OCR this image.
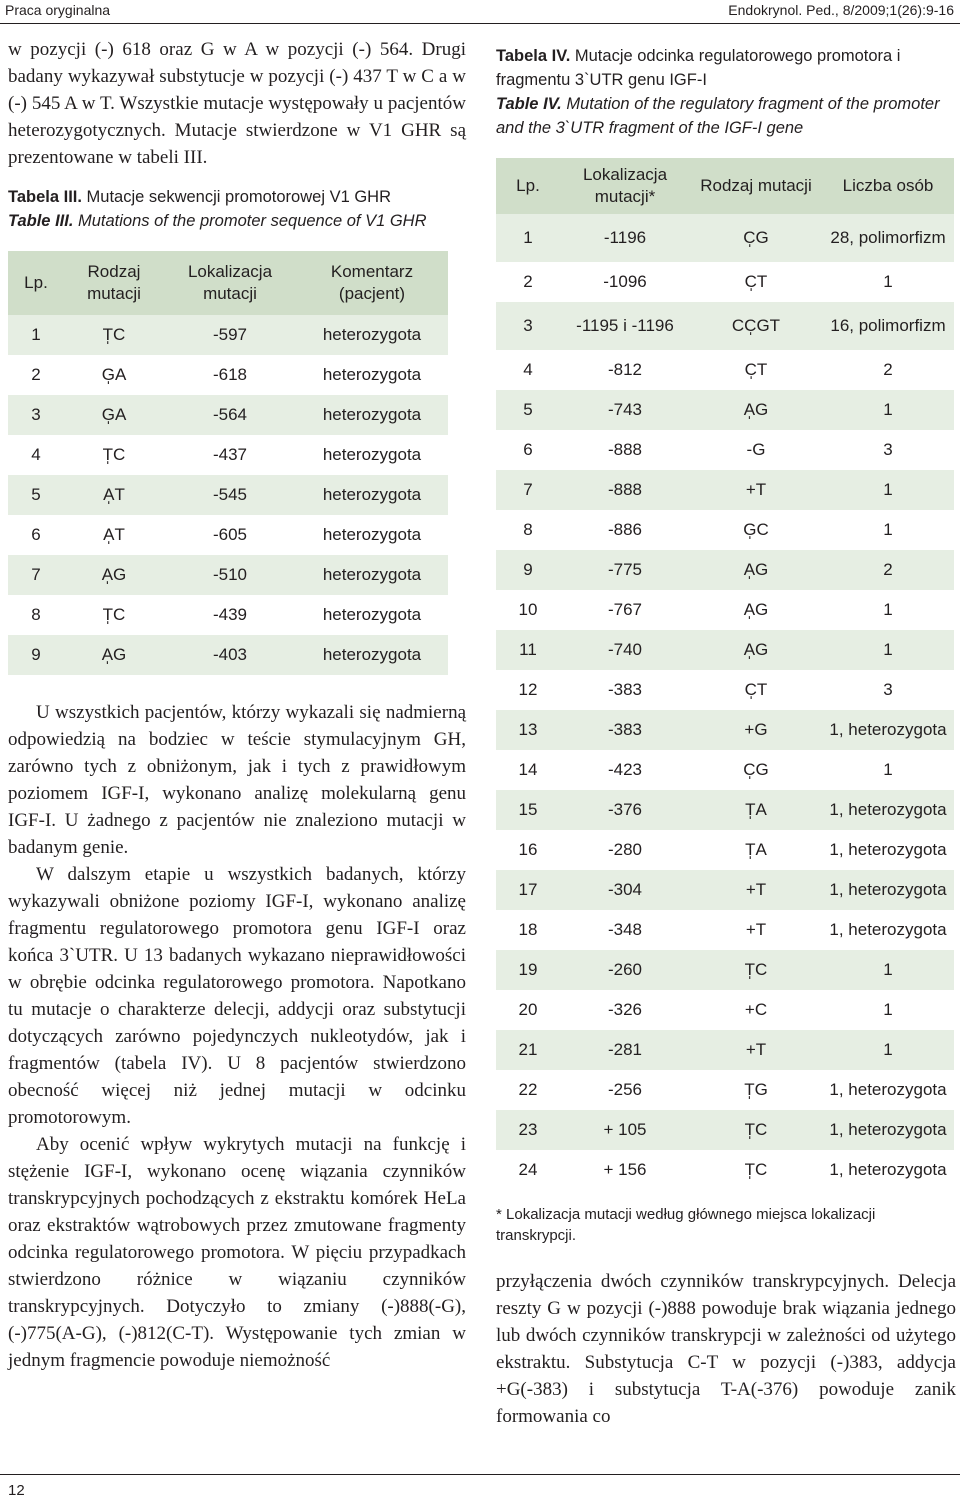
Praca oryginalna	Endokrynol. Ped., 8/2009;1(26):9-16

w pozycji (-) 618 oraz G w A w pozycji (-) 564. Drugi badany wykazywał substytucje w pozycji (-) 437 T w C a w (-) 545 A w T. Wszystkie mutacje występowały u pacjentów heterozygotycznych. Mutacje stwierdzone w V1 GHR są prezentowane w tabeli III.

Tabela III. Mutacje sekwencji promotorowej V1 GHR
Table III. Mutations of the promoter sequence of V1 GHR
Lp.	Rodzaj mutacji	Lokalizacja mutacji	Komentarz (pacjent)
1	T̩C	-597	heterozygota
2	G̩A	-618	heterozygota
3	G̩A	-564	heterozygota
4	T̩C	-437	heterozygota
5	A̩T	-545	heterozygota
6	A̩T	-605	heterozygota
7	A̩G	-510	heterozygota
8	T̩C	-439	heterozygota
9	A̩G	-403	heterozygota

U wszystkich pacjentów, którzy wykazali się nadmierną odpowiedzią na bodziec w teście stymulacyjnym GH, zarówno tych z obniżonym, jak i tych z prawidłowym poziomem IGF-I, wykonano analizę molekularną genu IGF-I. U żadnego z pacjentów nie znaleziono mutacji w badanym genie.

W dalszym etapie u wszystkich badanych, którzy wykazywali obniżone poziomy IGF-I, wykonano analizę fragmentu regulatorowego promotora genu IGF-I oraz końca 3`UTR. U 13 badanych wykazano nieprawidłowości w obrębie odcinka regulatorowego promotora. Napotkano tu mutacje o charakterze delecji, addycji oraz substytucji dotyczących zarówno pojedynczych nukleotydów, jak i fragmentów (tabela IV). U 8 pacjentów stwierdzono obecność więcej niż jednej mutacji w odcinku promotorowym.

Aby ocenić wpływ wykrytych mutacji na funkcję i stężenie IGF-I, wykonano ocenę wiązania czynników transkrypcyjnych pochodzących z ekstraktu komórek HeLa oraz ekstraktów wątrobowych przez zmutowane fragmenty odcinka regulatorowego promotora. W pięciu przypadkach stwierdzono różnice w wiązaniu czynników transkrypcyjnych. Dotyczyło to zmiany (-)888(-G), (-)775(A-G), (-)812(C-T). Występowanie tych zmian w jednym fragmencie powoduje niemożność

Tabela IV. Mutacje odcinka regulatorowego promotora i fragmentu 3`UTR genu IGF-I
Table IV. Mutation of the regulatory fragment of the promoter and the 3`UTR fragment of the IGF-I gene
Lp.	Lokalizacja mutacji*	Rodzaj mutacji	Liczba osób
1	-1196	C̩G	28, polimorfizm
2	-1096	C̩T	1
3	-1195 i -1196	CC̩GT	16, polimorfizm
4	-812	C̩T	2
5	-743	A̩G	1
6	-888	-G	3
7	-888	+T	1
8	-886	G̩C	1
9	-775	A̩G	2
10	-767	A̩G	1
11	-740	A̩G	1
12	-383	C̩T	3
13	-383	+G	1, heterozygota
14	-423	C̩G	1
15	-376	T̩A	1, heterozygota
16	-280	T̩A	1, heterozygota
17	-304	+T	1, heterozygota
18	-348	+T	1, heterozygota
19	-260	T̩C	1
20	-326	+C	1
21	-281	+T	1
22	-256	T̩G	1, heterozygota
23	+ 105	T̩C	1, heterozygota
24	+ 156	T̩C	1, heterozygota
* Lokalizacja mutacji według głównego miejsca lokalizacji transkrypcji.

przyłączenia dwóch czynników transkrypcyjnych. Delecja reszty G w pozycji (-)888 powoduje brak wiązania jednego lub dwóch czynników transkrypcji w zależności od użytego ekstraktu. Substytucja C-T w pozycji (-)383, addycja +G(-383) i substytucja T-A(-376) powoduje zanik formowania co

12
